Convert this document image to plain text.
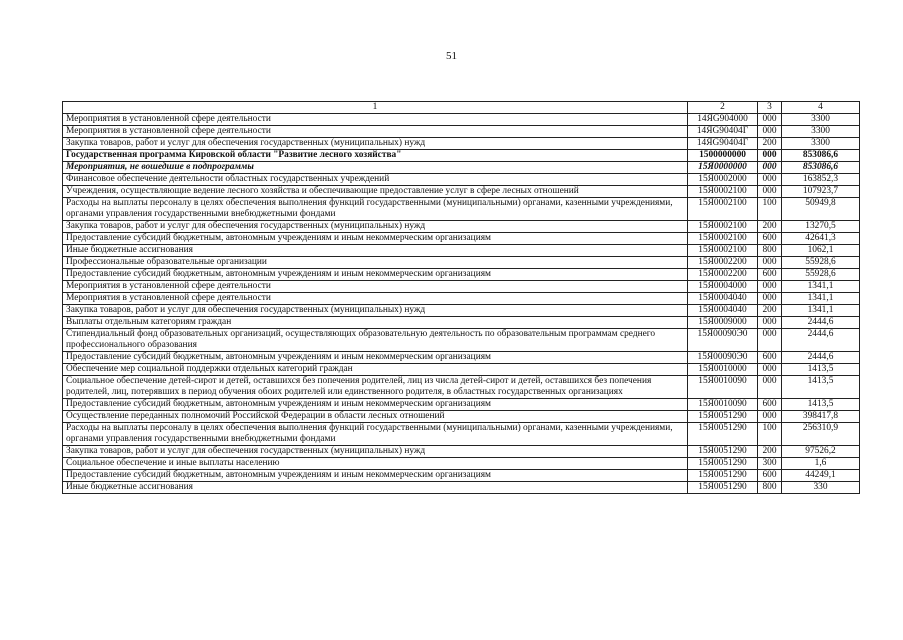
51
1	2	3	4
Мероприятия в установленной сфере деятельности	14ЯG904000	000	3300
Мероприятия в установленной сфере деятельности	14ЯG90404Г	000	3300
Закупка товаров, работ и услуг для обеспечения государственных (муниципальных) нужд	14ЯG90404Г	200	3300
Государственная программа Кировской области "Развитие лесного хозяйства"	1500000000	000	853086,6
Мероприятия, не вошедшие в подпрограммы	15Я0000000	000	853086,6
Финансовое обеспечение деятельности областных государственных учреждений	15Я0002000	000	163852,3
Учреждения, осуществляющие ведение лесного хозяйства и обеспечивающие предоставление услуг в сфере лесных отношений	15Я0002100	000	107923,7
Расходы на выплаты персоналу в целях обеспечения выполнения функций государственными (муниципальными) органами, казенными учреждениями, органами управления государственными внебюджетными фондами	15Я0002100	100	50949,8
Закупка товаров, работ и услуг для обеспечения государственных (муниципальных) нужд	15Я0002100	200	13270,5
Предоставление субсидий бюджетным, автономным учреждениям и иным некоммерческим организациям	15Я0002100	600	42641,3
Иные бюджетные ассигнования	15Я0002100	800	1062,1
Профессиональные образовательные организации	15Я0002200	000	55928,6
Предоставление субсидий бюджетным, автономным учреждениям и иным некоммерческим организациям	15Я0002200	600	55928,6
Мероприятия в установленной сфере деятельности	15Я0004000	000	1341,1
Мероприятия в установленной сфере деятельности	15Я0004040	000	1341,1
Закупка товаров, работ и услуг для обеспечения государственных (муниципальных) нужд	15Я0004040	200	1341,1
Выплаты отдельным категориям граждан	15Я0009000	000	2444,6
Стипендиальный фонд образовательных организаций, осуществляющих образовательную деятельность по образовательным программам среднего профессионального образования	15Я00090Э0	000	2444,6
Предоставление субсидий бюджетным, автономным учреждениям и иным некоммерческим организациям	15Я00090Э0	600	2444,6
Обеспечение мер социальной поддержки отдельных категорий граждан	15Я0010000	000	1413,5
Социальное обеспечение детей-сирот и детей, оставшихся без попечения родителей, лиц из числа детей-сирот и детей, оставшихся без попечения родителей, лиц, потерявших в период обучения обоих родителей или единственного родителя, в областных государственных организациях	15Я0010090	000	1413,5
Предоставление субсидий бюджетным, автономным учреждениям и иным некоммерческим организациям	15Я0010090	600	1413,5
Осуществление переданных полномочий Российской Федерации в области лесных отношений	15Я0051290	000	398417,8
Расходы на выплаты персоналу в целях обеспечения выполнения функций государственными (муниципальными) органами, казенными учреждениями, органами управления государственными внебюджетными фондами	15Я0051290	100	256310,9
Закупка товаров, работ и услуг для обеспечения государственных (муниципальных) нужд	15Я0051290	200	97526,2
Социальное обеспечение и иные выплаты населению	15Я0051290	300	1,6
Предоставление субсидий бюджетным, автономным учреждениям и иным некоммерческим организациям	15Я0051290	600	44249,1
Иные бюджетные ассигнования	15Я0051290	800	330
